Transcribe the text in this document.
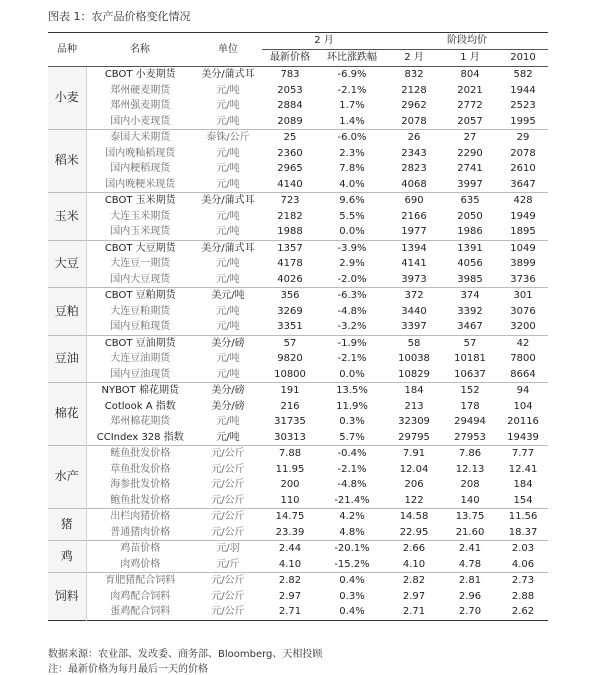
图表 1：农产品价格变化情况
品种	名称	单位	2 月		阶段均价		
			最新价格	环比涨跌幅	2 月	1 月	2010
小麦	CBOT 小麦期货	美分/蒲式耳	783	-6.9%	832	804	582
	郑州硬麦期货	元/吨	2053	-2.1%	2128	2021	1944
	郑州强麦期货	元/吨	2884	1.7%	2962	2772	2523
	国内小麦现货	元/吨	2089	1.4%	2078	2057	1995
稻米	泰国大米期货	泰铢/公斤	25	-6.0%	26	27	29
	国内晚籼稻现货	元/吨	2360	2.3%	2343	2290	2078
	国内粳稻现货	元/吨	2965	7.8%	2823	2741	2610
	国内晚粳米现货	元/吨	4140	4.0%	4068	3997	3647
玉米	CBOT 玉米期货	美分/蒲式耳	723	9.6%	690	635	428
	大连玉米期货	元/吨	2182	5.5%	2166	2050	1949
	国内玉米现货	元/吨	1988	0.0%	1977	1986	1895
大豆	CBOT 大豆期货	美分/蒲式耳	1357	-3.9%	1394	1391	1049
	大连豆一期货	元/吨	4178	2.9%	4141	4056	3899
	国内大豆现货	元/吨	4026	-2.0%	3973	3985	3736
豆粕	CBOT 豆粕期货	美元/吨	356	-6.3%	372	374	301
	大连豆粕期货	元/吨	3269	-4.8%	3440	3392	3076
	国内豆粕现货	元/吨	3351	-3.2%	3397	3467	3200
豆油	CBOT 豆油期货	美分/磅	57	-1.9%	58	57	42
	大连豆油期货	元/吨	9820	-2.1%	10038	10181	7800
	国内豆油现货	元/吨	10800	0.0%	10829	10637	8664
棉花	NYBOT 棉花期货	美分/磅	191	13.5%	184	152	94
	Cotlook A 指数	美分/磅	216	11.9%	213	178	104
	郑州棉花期货	元/吨	31735	0.3%	32309	29494	20116
	CCIndex 328 指数	元/吨	30313	5.7%	29795	27953	19439
水产	鲢鱼批发价格	元/公斤	7.88	-0.4%	7.91	7.86	7.77
	草鱼批发价格	元/公斤	11.95	-2.1%	12.04	12.13	12.41
	海参批发价格	元/公斤	200	-4.8%	206	208	184
	鲍鱼批发价格	元/公斤	110	-21.4%	122	140	154
猪	出栏肉猪价格	元/公斤	14.75	4.2%	14.58	13.75	11.56
	普通猪肉价格	元/公斤	23.39	4.8%	22.95	21.60	18.37
鸡	鸡苗价格	元/羽	2.44	-20.1%	2.66	2.41	2.03
	肉鸡价格	元/斤	4.10	-15.2%	4.10	4.78	4.06
饲料	育肥猪配合饲料	元/公斤	2.82	0.4%	2.82	2.81	2.73
	肉鸡配合饲料	元/公斤	2.97	0.3%	2.97	2.96	2.88
	蛋鸡配合饲料	元/公斤	2.71	0.4%	2.71	2.70	2.62
数据来源：农业部、发改委、商务部、Bloomberg、天相投顾
注：最新价格为每月最后一天的价格
